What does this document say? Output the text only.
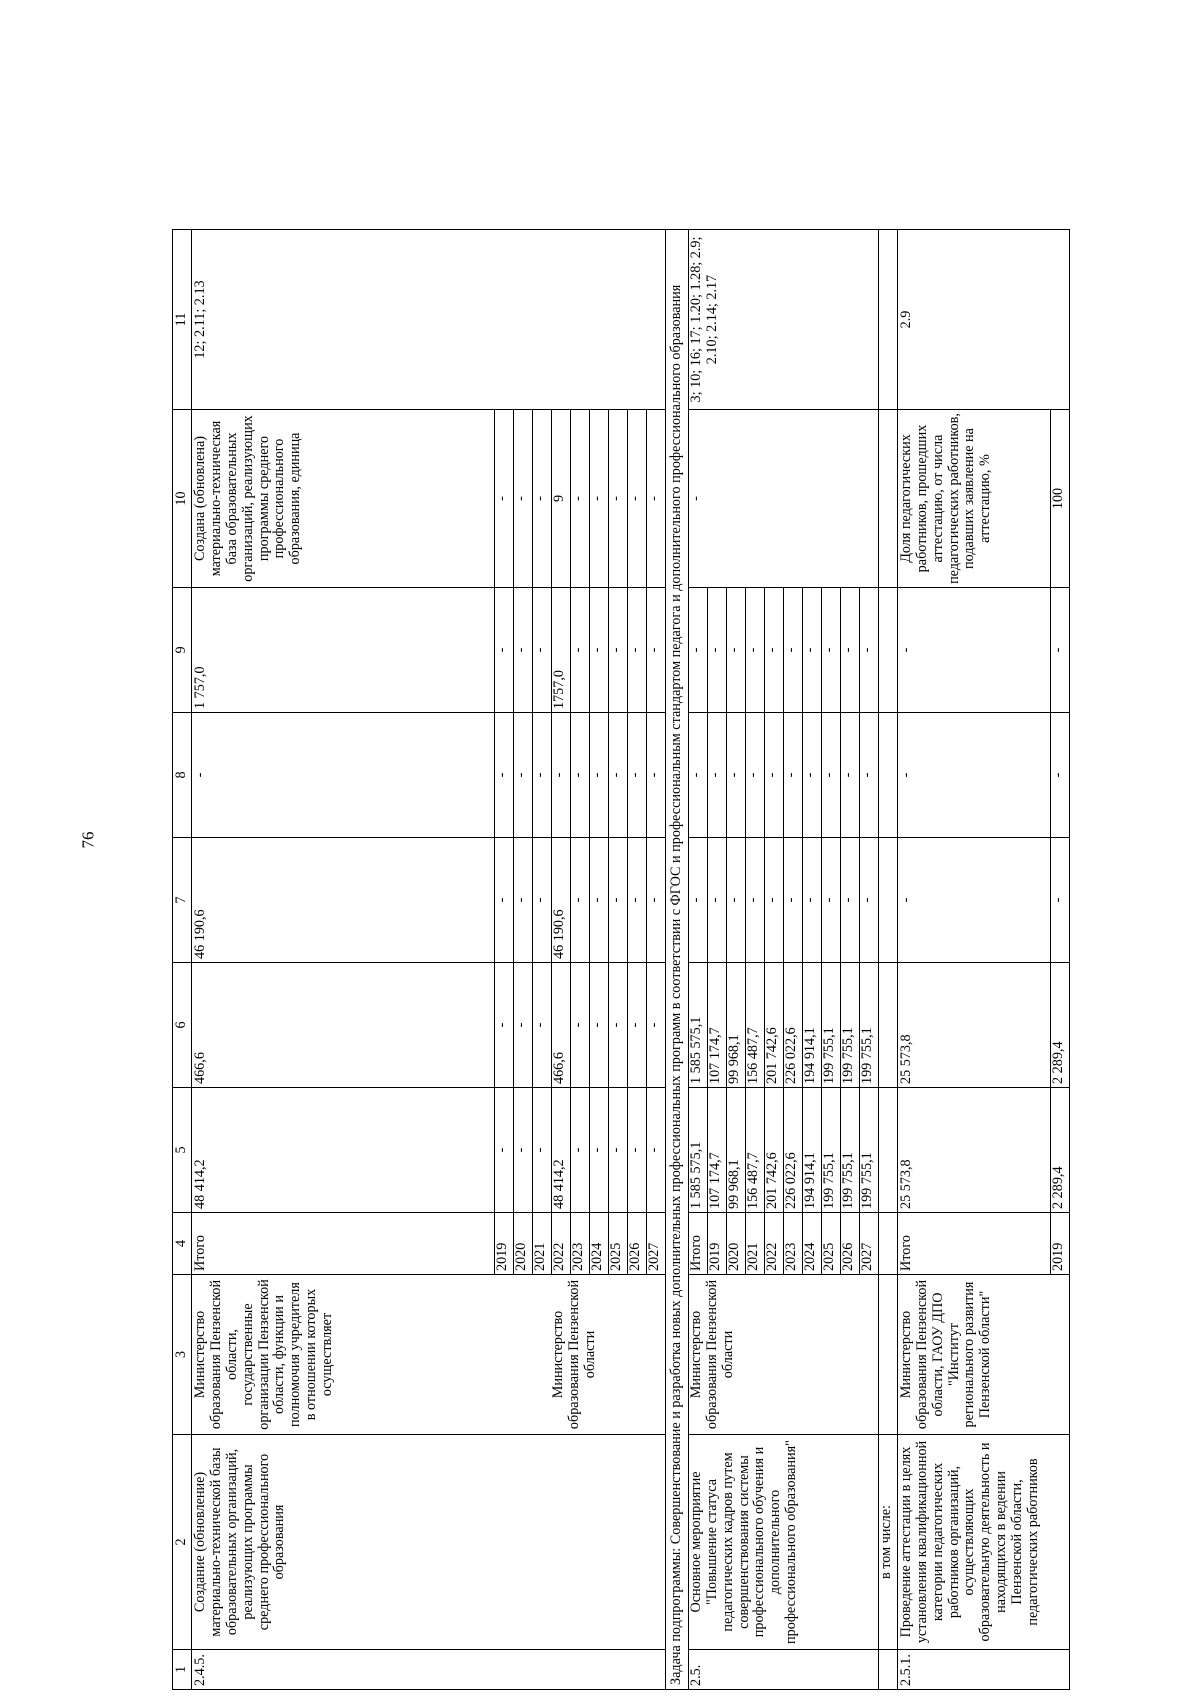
76
1	2	3	4	5	6	7	8	9	10	11
2.4.5.	Создание (обновление) материально-технической базы образовательных организаций, реализующих программы среднего профессионального образования	Министерство образования Пензенской области, государственные организации Пензенской области, функции и полномочия учредителя в отношении которых осуществляет	Итого	48 414,2	466,6	46 190,6	-	1 757,0	Создана (обновлена) материально-техническая база образовательных организаций, реализующих программы среднего профессионального образования, единица	12; 2.11; 2.13
			2019	-	-	-	-	-	-	
			2020	-	-	-	-	-	-	
			2021	-	-	-	-	-	-	
		Министерство образования Пензенской области	2022	48 414,2	466,6	46 190,6	-	1757,0	9	
			2023	-	-	-	-	-	-	
			2024	-	-	-	-	-	-	
			2025	-	-	-	-	-	-	
			2026	-	-	-	-	-	-	
			2027	-	-	-	-	-	-	
Задача подпрограммы: Совершенствование и разработка новых дополнительных профессиональных программ в соответствии с ФГОС и профессиональным стандартом педагога и дополнительного профессионального образования										
2.5.	Основное мероприятие "Повышение статуса педагогических кадров путем совершенствования системы профессионального обучения и дополнительного профессионального образования"	Министерство образования Пензенской области	Итого	1 585 575,1	1 585 575,1	-	-	-	-	3; 10; 16; 17; 1.20; 1.28; 2.9; 2.10; 2.14; 2.17
			2019	107 174,7	107 174,7	-	-	-		
			2020	99 968,1	99 968,1	-	-	-		
			2021	156 487,7	156 487,7	-	-	-		
			2022	201 742,6	201 742,6	-	-	-		
			2023	226 022,6	226 022,6	-	-	-		
			2024	194 914,1	194 914,1	-	-	-		
			2025	199 755,1	199 755,1	-	-	-		
			2026	199 755,1	199 755,1	-	-	-		
			2027	199 755,1	199 755,1	-	-	-		
	в том числе:									
2.5.1.	Проведение аттестации в целях установления квалификационной категории педагогических работников организаций, осуществляющих образовательную деятельность и находящихся в ведении Пензенской области, педагогических работников	Министерство образования Пензенской области, ГАОУ ДПО "Институт регионального развития Пензенской области"	Итого	25 573,8	25 573,8	-	-	-	Доля педагогических работников, прошедших аттестацию, от числа педагогических работников, подавших заявление на аттестацию, %	2.9
			2019	2 289,4	2 289,4	-	-	-	100	
